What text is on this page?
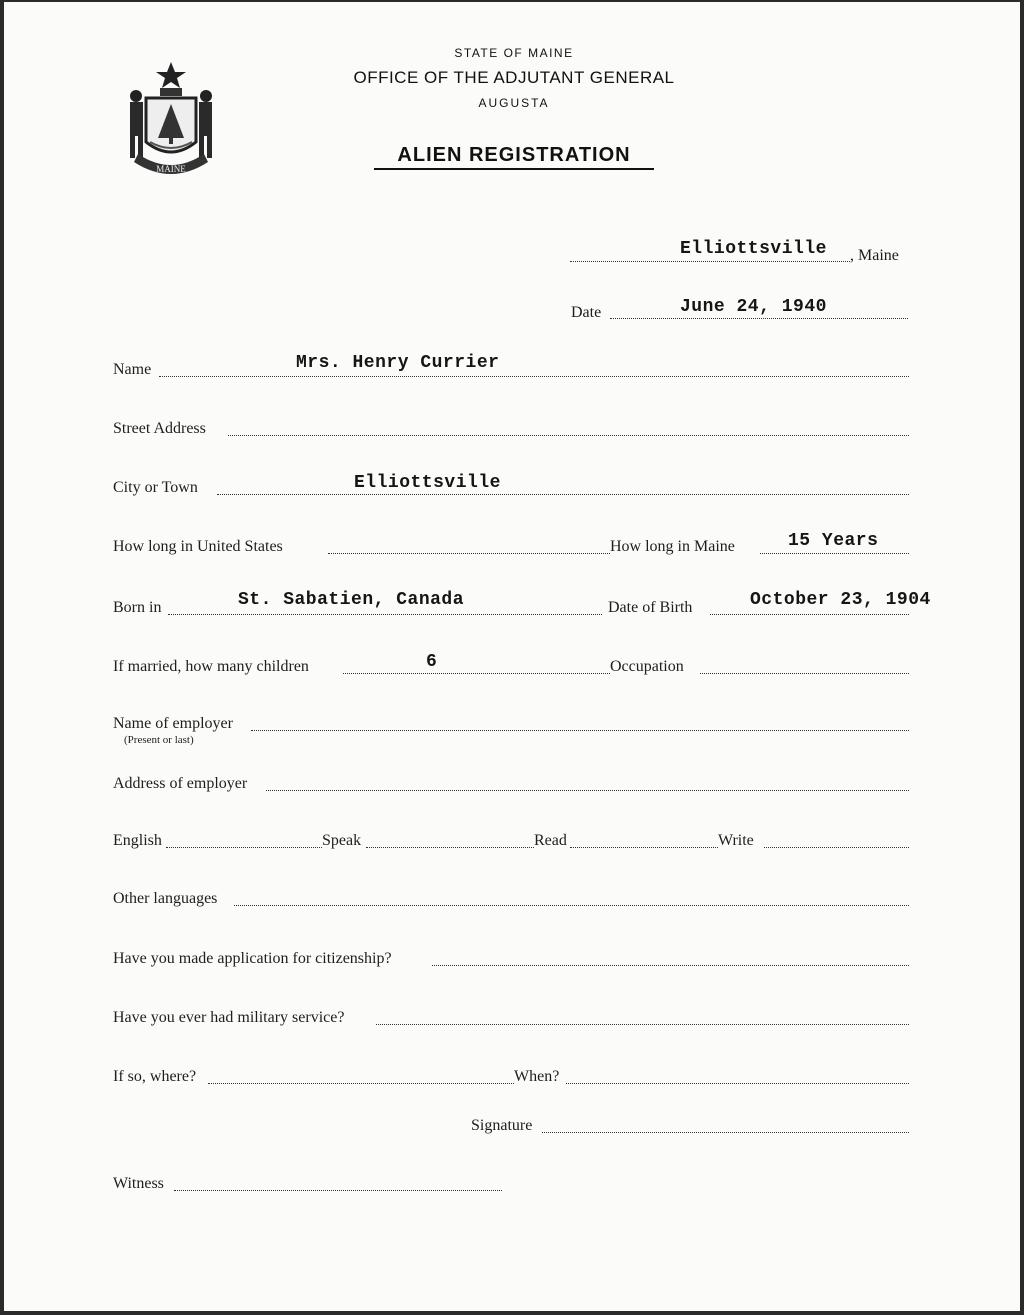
MAINE
STATE OF MAINE
OFFICE OF THE ADJUTANT GENERAL
AUGUSTA
ALIEN REGISTRATION
Elliottsville , Maine
Date	June 24, 1940
Name	Mrs. Henry Currier
Street Address
City or Town	Elliottsville
How long in United States	How long in Maine	15 Years
Born in	St. Sabatien, Canada	Date of Birth	October 23, 1904
If married, how many children	6	Occupation
Name of employer
(Present or last)
Address of employer
English	Speak	Read	Write
Other languages
Have you made application for citizenship?
Have you ever had military service?
If so, where?	When?
Signature
Witness
